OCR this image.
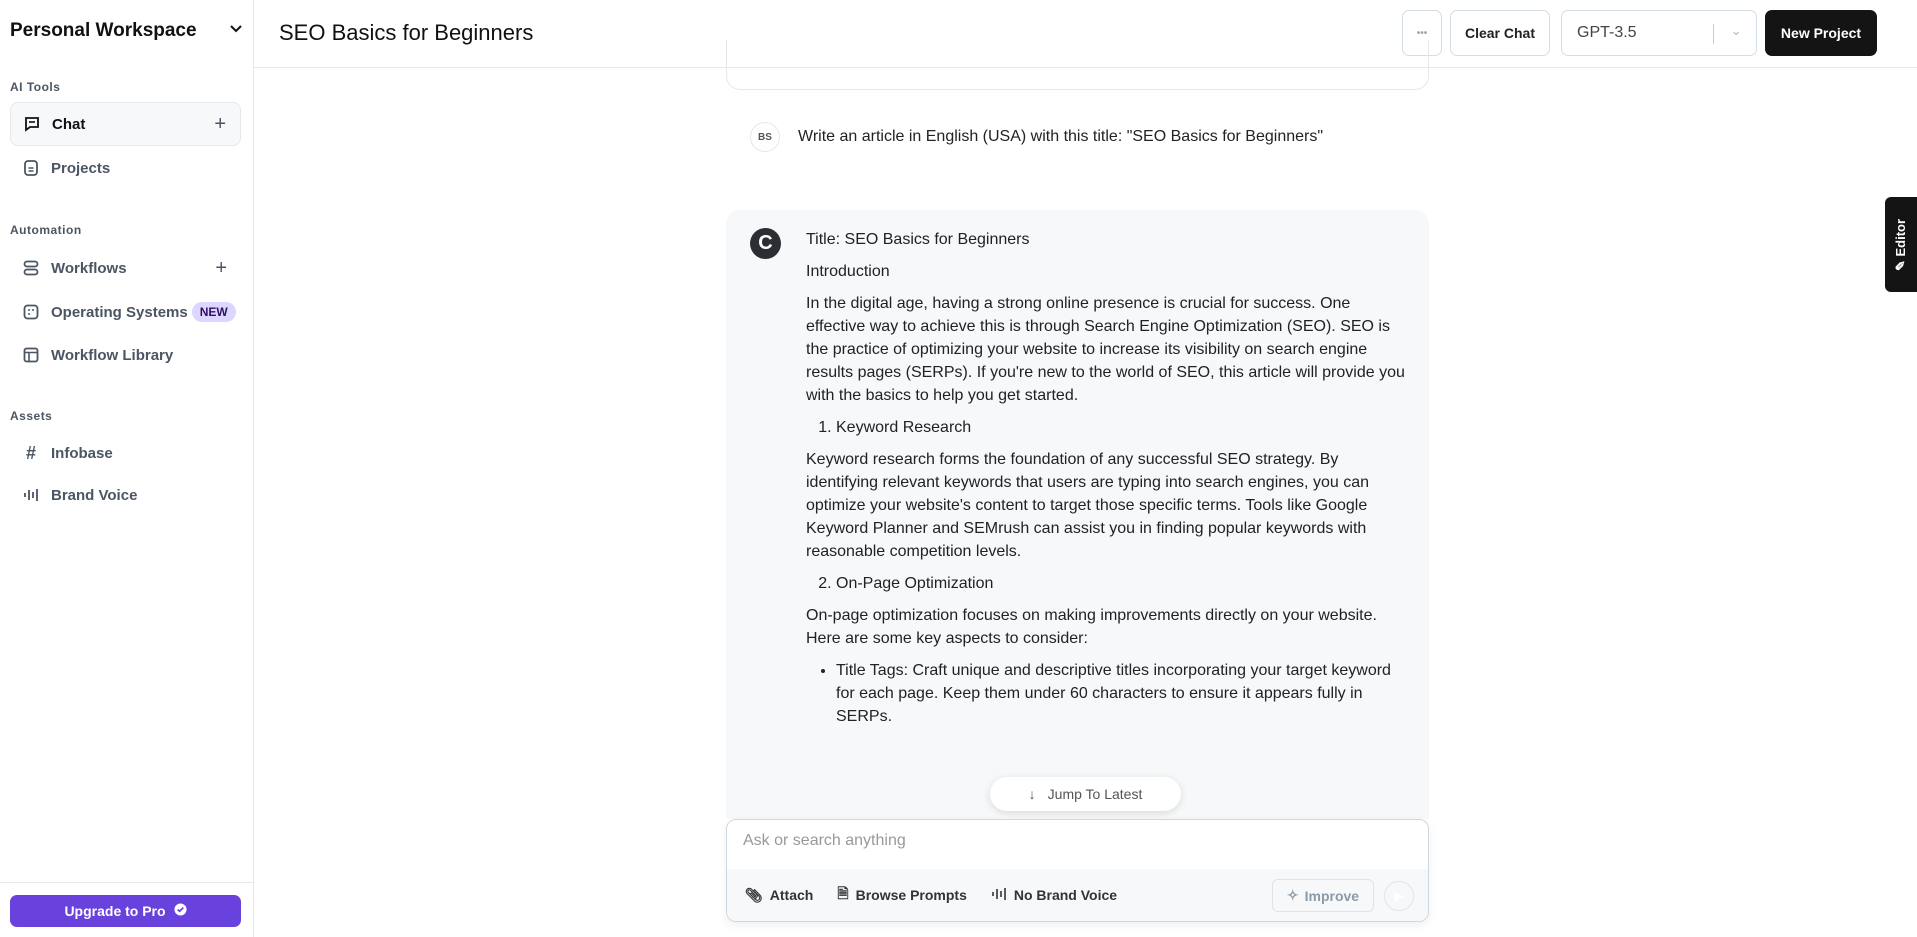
Personal Workspace
AI Tools
Chat	+
Projects
Automation
Workflows	+
Operating Systems	NEW
Workflow Library
Assets
# Infobase
Brand Voice
Upgrade to Pro
SEO Basics for Beginners	•••	Clear Chat	GPT-3.5	⌄	New Project
✎ Editor
BS	Write an article in English (USA) with this title: "SEO Basics for Beginners"
C	Title: SEO Basics for Beginners

Introduction

In the digital age, having a strong online presence is crucial for success. One effective way to achieve this is through Search Engine Optimization (SEO). SEO is the practice of optimizing your website to increase its visibility on search engine results pages (SERPs). If you're new to the world of SEO, this article will provide you with the basics to help you get started.

1. Keyword Research

Keyword research forms the foundation of any successful SEO strategy. By identifying relevant keywords that users are typing into search engines, you can optimize your website's content to target those specific terms. Tools like Google Keyword Planner and SEMrush can assist you in finding popular keywords with reasonable competition levels.

2. On-Page Optimization

On-page optimization focuses on making improvements directly on your website. Here are some key aspects to consider:

• Title Tags: Craft unique and descriptive titles incorporating your target keyword for each page. Keep them under 60 characters to ensure it appears fully in SERPs.
↓ Jump To Latest
Ask or search anything
📎︎ Attach 🗎︎ Browse Prompts	No Brand Voice	✧ Improve	▶
